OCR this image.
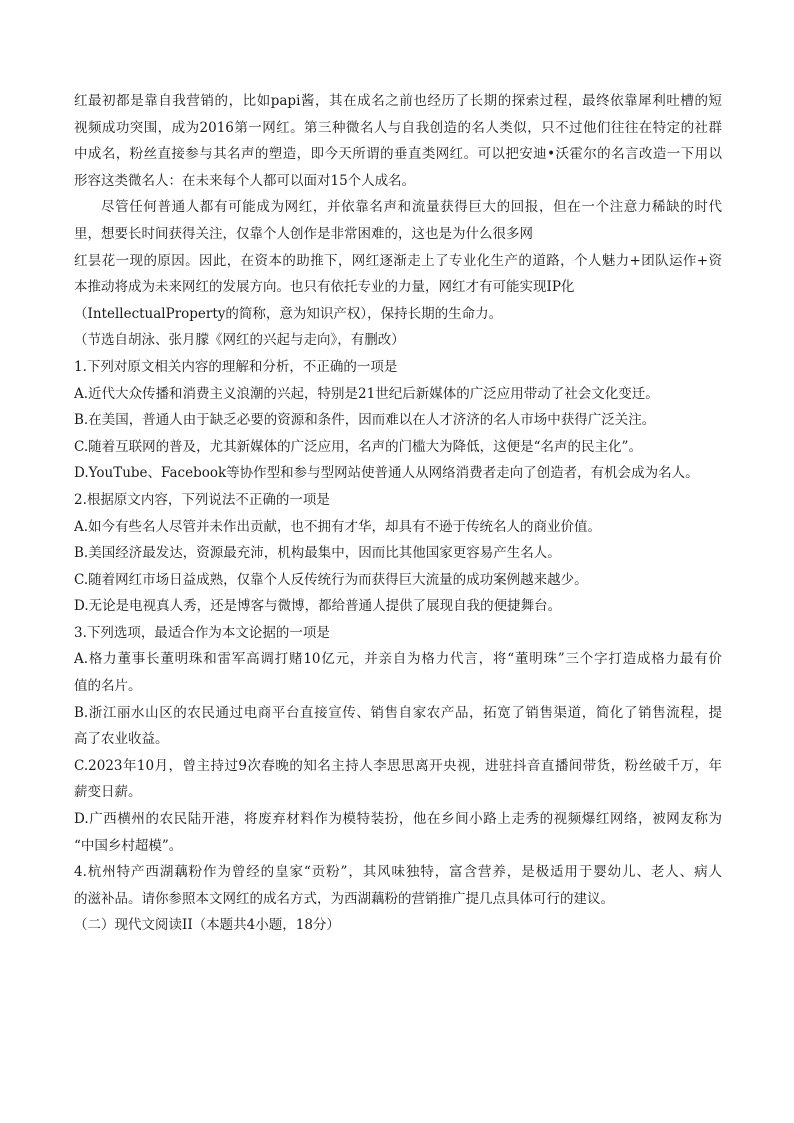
红最初都是靠自我营销的，比如papi酱，其在成名之前也经历了长期的探索过程，最终依靠犀利吐槽的短
视频成功突围，成为2016第一网红。第三种微名人与自我创造的名人类似，只不过他们往往在特定的社群
中成名，粉丝直接参与其名声的塑造，即今天所谓的垂直类网红。可以把安迪•沃霍尔的名言改造一下用以
形容这类微名人：在未来每个人都可以面对15个人成名。
尽管任何普通人都有可能成为网红，并依靠名声和流量获得巨大的回报，但在一个注意力稀缺的时代
里，想要长时间获得关注，仅靠个人创作是非常困难的，这也是为什么很多网
红昙花一现的原因。因此，在资本的助推下，网红逐渐走上了专业化生产的道路，个人魅力+团队运作+资
本推动将成为未来网红的发展方向。也只有依托专业的力量，网红才有可能实现IP化
（IntellectualProperty的简称，意为知识产权），保持长期的生命力。
（节选自胡泳、张月朦《网红的兴起与走向》，有删改）
1.下列对原文相关内容的理解和分析，不正确的一项是
A.近代大众传播和消费主义浪潮的兴起，特别是21世纪后新媒体的广泛应用带动了社会文化变迁。
B.在美国，普通人由于缺乏必要的资源和条件，因而难以在人才济济的名人市场中获得广泛关注。
C.随着互联网的普及，尤其新媒体的广泛应用，名声的门槛大为降低，这便是“名声的民主化”。
D.YouTube、Facebook等协作型和参与型网站使普通人从网络消费者走向了创造者，有机会成为名人。
2.根据原文内容，下列说法不正确的一项是
A.如今有些名人尽管并未作出贡献，也不拥有才华，却具有不逊于传统名人的商业价值。
B.美国经济最发达，资源最充沛，机构最集中，因而比其他国家更容易产生名人。
C.随着网红市场日益成熟，仅靠个人反传统行为而获得巨大流量的成功案例越来越少。
D.无论是电视真人秀，还是博客与微博，都给普通人提供了展现自我的便捷舞台。
3.下列选项，最适合作为本文论据的一项是
A.格力董事长董明珠和雷军高调打赌10亿元，并亲自为格力代言，将“董明珠”三个字打造成格力最有价
值的名片。
B.浙江丽水山区的农民通过电商平台直接宣传、销售自家农产品，拓宽了销售渠道，简化了销售流程，提
高了农业收益。
C.2023年10月，曾主持过9次春晚的知名主持人李思思离开央视，进驻抖音直播间带货，粉丝破千万，年
薪变日薪。
D.广西横州的农民陆开港，将废弃材料作为模特装扮，他在乡间小路上走秀的视频爆红网络，被网友称为
“中国乡村超模”。
4.杭州特产西湖藕粉作为曾经的皇家“贡粉”，其风味独特，富含营养，是极适用于婴幼儿、老人、病人
的滋补品。请你参照本文网红的成名方式，为西湖藕粉的营销推广提几点具体可行的建议。
（二）现代文阅读II（本题共4小题，18分）
